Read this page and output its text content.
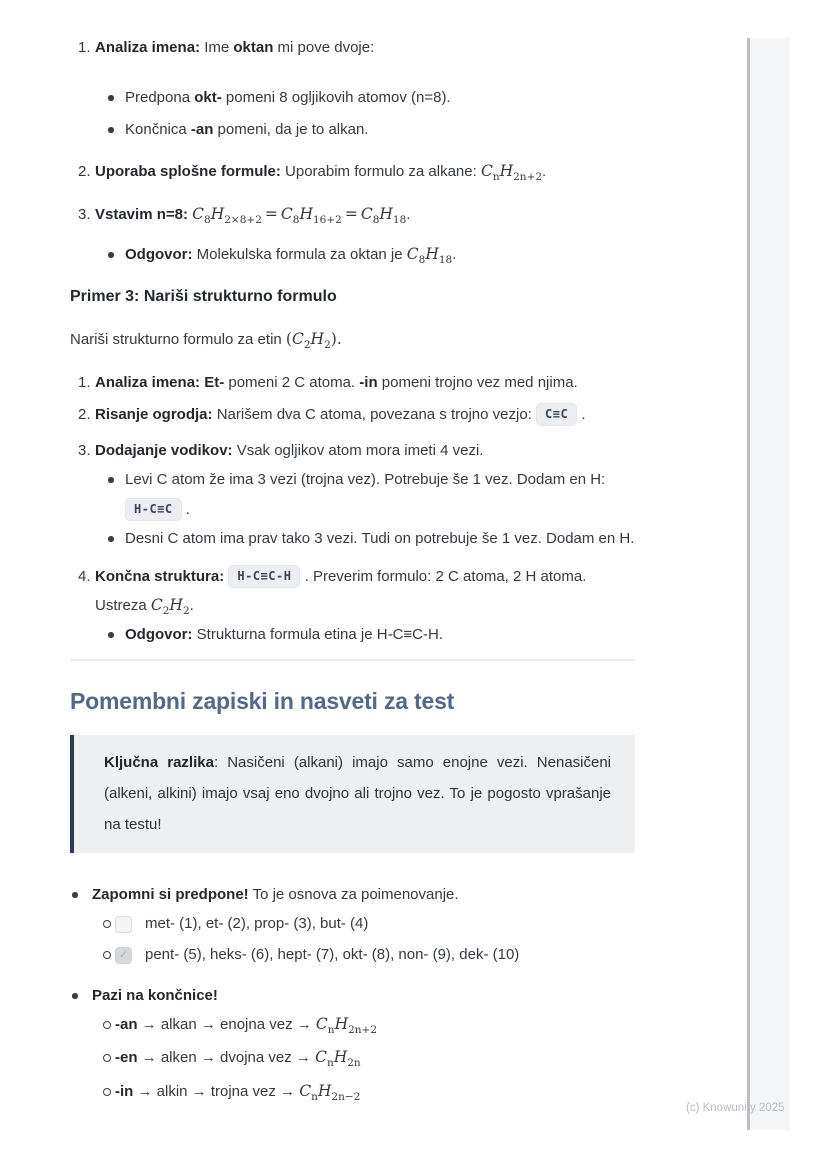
1. Analiza imena: Ime oktan mi pove dvoje:
Predpona okt- pomeni 8 ogljikovih atomov (n=8).
Končnica -an pomeni, da je to alkan.
2. Uporaba splošne formule: Uporabim formulo za alkane: $C_nH_{2n+2}$.
3. Vstavim n=8: $C_8H_{2\times 8+2} = C_8H_{16+2} = C_8H_{18}$.
Odgovor: Molekulska formula za oktan je $C_8H_{18}$.
Primer 3: Nariši strukturno formulo
Nariši strukturno formulo za etin $(C_2H_2)$.
1. Analiza imena: Et- pomeni 2 C atoma. -in pomeni trojno vez med njima.
2. Risanje ogrodja: Narišem dva C atoma, povezana s trojno vezjo: C≡C .
3. Dodajanje vodikov: Vsak ogljikov atom mora imeti 4 vezi.
Levi C atom že ima 3 vezi (trojna vez). Potrebuje še 1 vez. Dodam en H:
H-C≡C .
Desni C atom ima prav tako 3 vezi. Tudi on potrebuje še 1 vez. Dodam en H.
4. Končna struktura: H-C≡C-H . Preverim formulo: 2 C atoma, 2 H atoma. Ustreza $C_2H_2$.
Odgovor: Strukturna formula etina je H-C≡C-H.
Pomembni zapiski in nasveti za test
Ključna razlika: Nasičeni (alkani) imajo samo enojne vezi. Nenasičeni (alkeni, alkini) imajo vsaj eno dvojno ali trojno vez. To je pogosto vprašanje na testu!
Zapomni si predpone! To je osnova za poimenovanje.
met- (1), et- (2), prop- (3), but- (4)
✓ pent- (5), heks- (6), hept- (7), okt- (8), non- (9), dek- (10)
Pazi na končnice!
-an → alkan → enojna vez → $C_nH_{2n+2}$
-en → alken → dvojna vez → $C_nH_{2n}$
-in → alkin → trojna vez → $C_nH_{2n-2}$
(c) Knowunity 2025
